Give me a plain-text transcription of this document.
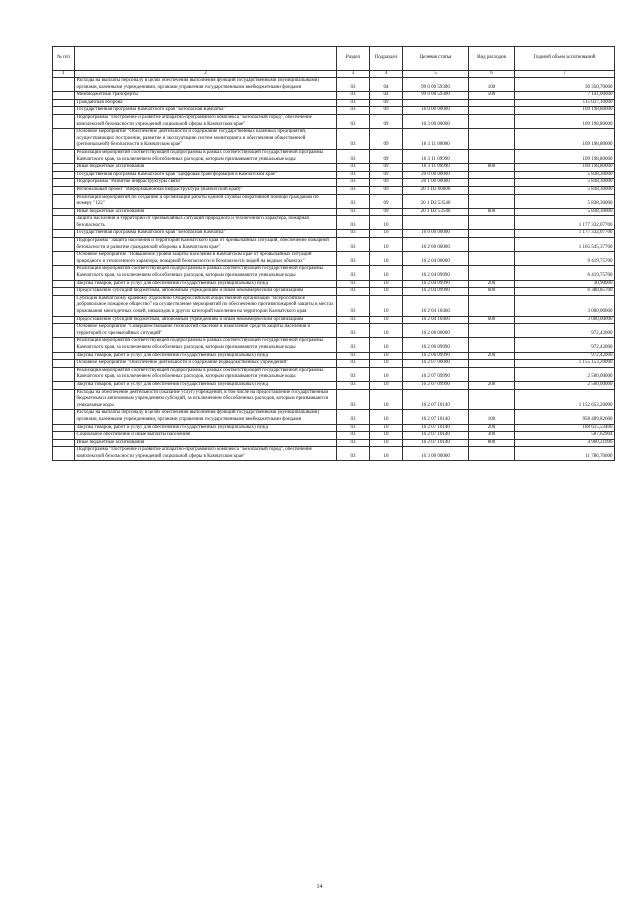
№ п/п		Раздел	Подраздел	Целевая статья	Вид расходов	Годовой объем ассигнований
1	2	3	4	5	6	7
	Расходы на выплаты персоналу в целях обеспечения выполнения функций государственными (муниципальными) органами, казенными учреждениями, органами управления государственными внебюджетными фондами	03	04	99 0 00 59300	100	30 350,70000
	Межбюджетные трансферты	03	04	99 0 00 59300	500	7 141,00000
	Гражданская оборона	03	09			115 037,10000
	Государственная программа Камчатского края "Безопасная Камчатка"	03	09	16 0 00 00000		109 198,80000
	Подпрограмма "Построение и развитие аппаратно-программного комплекса "Безопасный город", обеспечение комплексной безопасности учреждений социальной сферы в Камчатском крае"	03	09	16 3 00 00000		109 198,80000
	Основное мероприятие "Обеспечение деятельности и содержание государственных казенных предприятий, осуществляющих построение, развитие и эксплуатацию систем мониторинга и обеспечения общественной (региональной) безопасности в Камчатском крае"	03	09	16 3 11 00000		109 198,80000
	Реализация мероприятий соответствующей подпрограммы в рамках соответствующей государственной программы Камчатского края, за исключением обособленных расходов, которым присваиваются уникальные коды	03	09	16 3 11 09990		109 198,80000
	Иные бюджетные ассигнования	03	09	16 3 11 09990	800	109 198,80000
	Государственная программа Камчатского края "Цифровая трансформация в Камчатском крае"	03	09	20 0 00 00000		5 838,30000
	Подпрограмма "Развитие инфраструктуры связи"	03	09	20 1 00 00000		5 838,30000
	Региональный проект "Информационная инфраструктура (Камчатский край)"	03	09	20 1 D2 00000		5 838,30000
	Реализация мероприятий по созданию и организации работы единой службы оперативной помощи гражданам по номеру "122"	03	09	20 1 D2 53540		5 838,30000
	Иные бюджетные ассигнования	03	09	20 1 D2 53540	800	5 838,30000
	Защита населения и территории от чрезвычайных ситуаций природного и техногенного характера, пожарная безопасность	03	10			1 177 332,07700
	Государственная программа Камчатского края "Безопасная Камчатка"	03	10	16 0 00 00000		1 177 332,07700
	Подпрограмма "Защита населения и территорий Камчатского края от чрезвычайных ситуаций, обеспечение пожарной безопасности и развитие гражданской обороны в Камчатском крае"	03	10	16 2 00 00000		1 165 545,37700
	Основное мероприятие "Повышение уровня защиты населения в Камчатском крае от чрезвычайных ситуаций природного и техногенного характера, пожарной безопасности и безопасности людей на водных объектах"	03	10	16 2 04 00000		9 419,75700
	Реализация мероприятий соответствующей подпрограммы в рамках соответствующей государственной программы Камчатского края, за исключением обособленных расходов, которым присваиваются уникальные коды	03	10	16 2 04 09990		6 419,75700
	Закупка товаров, работ и услуг для обеспечения государственных (муниципальных) нужд	03	10	16 2 04 09990	200	30,90000
	Предоставление субсидий бюджетным, автономным учреждениям и иным некоммерческим организациям	03	10	16 2 04 09990	600	6 388,85700
	Субсидия Камчатскому краевому отделению Общероссийской общественной организации "Всероссийское добровольное пожарное общество" на осуществление мероприятий по обеспечению противопожарной защиты в местах проживания многодетных семей, инвалидов и других категорий населения на территории Камчатского края	03	10	16 2 04 10460		3 000,00000
	Предоставление субсидий бюджетным, автономным учреждениям и иным некоммерческим организациям	03	10	16 2 04 10460	600	3 000,00000
	Основное мероприятие "Совершенствование технологий спасения и накопление средств защиты населения и территорий от чрезвычайных ситуаций"	03	10	16 2 06 00000		972,42000
	Реализация мероприятий соответствующей подпрограммы в рамках соответствующей государственной программы Камчатского края, за исключением обособленных расходов, которым присваиваются уникальные коды	03	10	16 2 06 09990		972,42000
	Закупка товаров, работ и услуг для обеспечения государственных (муниципальных) нужд	03	10	16 2 06 09990	200	972,42000
	Основное мероприятие "Обеспечение деятельности и содержание подведомственных учреждений"	03	10	16 2 07 00000		1 155 153,20000
	Реализация мероприятий соответствующей подпрограммы в рамках соответствующей государственной программы Камчатского края, за исключением обособленных расходов, которым присваиваются уникальные коды	03	10	16 2 07 09990		2 500,00000
	Закупка товаров, работ и услуг для обеспечения государственных (муниципальных) нужд	03	10	16 2 07 09990	200	2 500,00000
	Расходы на обеспечение деятельности (оказание услуг) учреждений, в том числе на предоставление государственным бюджетным и автономным учреждениям субсидий, за исключением обособленных расходов, которым присваиваются уникальные коды	03	10	16 2 07 10140		1 152 653,20000
	Расходы на выплаты персоналу в целях обеспечения выполнения функций государственными (муниципальными) органами, казенными учреждениями, органами управления государственными внебюджетными фондами	03	10	16 2 07 10140	100	958 489,82600
	Закупка товаров, работ и услуг для обеспечения государственных (муниципальных) нужд	03	10	16 2 07 10140	200	188 615,53400
	Социальное обеспечение и иные выплаты населению	03	10	16 2 07 10140	300	587,62904
	Иные бюджетные ассигнования	03	10	16 2 07 10140	800	4 960,21096
	Подпрограмма "Построение и развитие аппаратно-программного комплекса "Безопасный город", обеспечение комплексной безопасности учреждений социальной сферы в Камчатском крае"	03	10	16 3 00 00000		11 786,70000
14
